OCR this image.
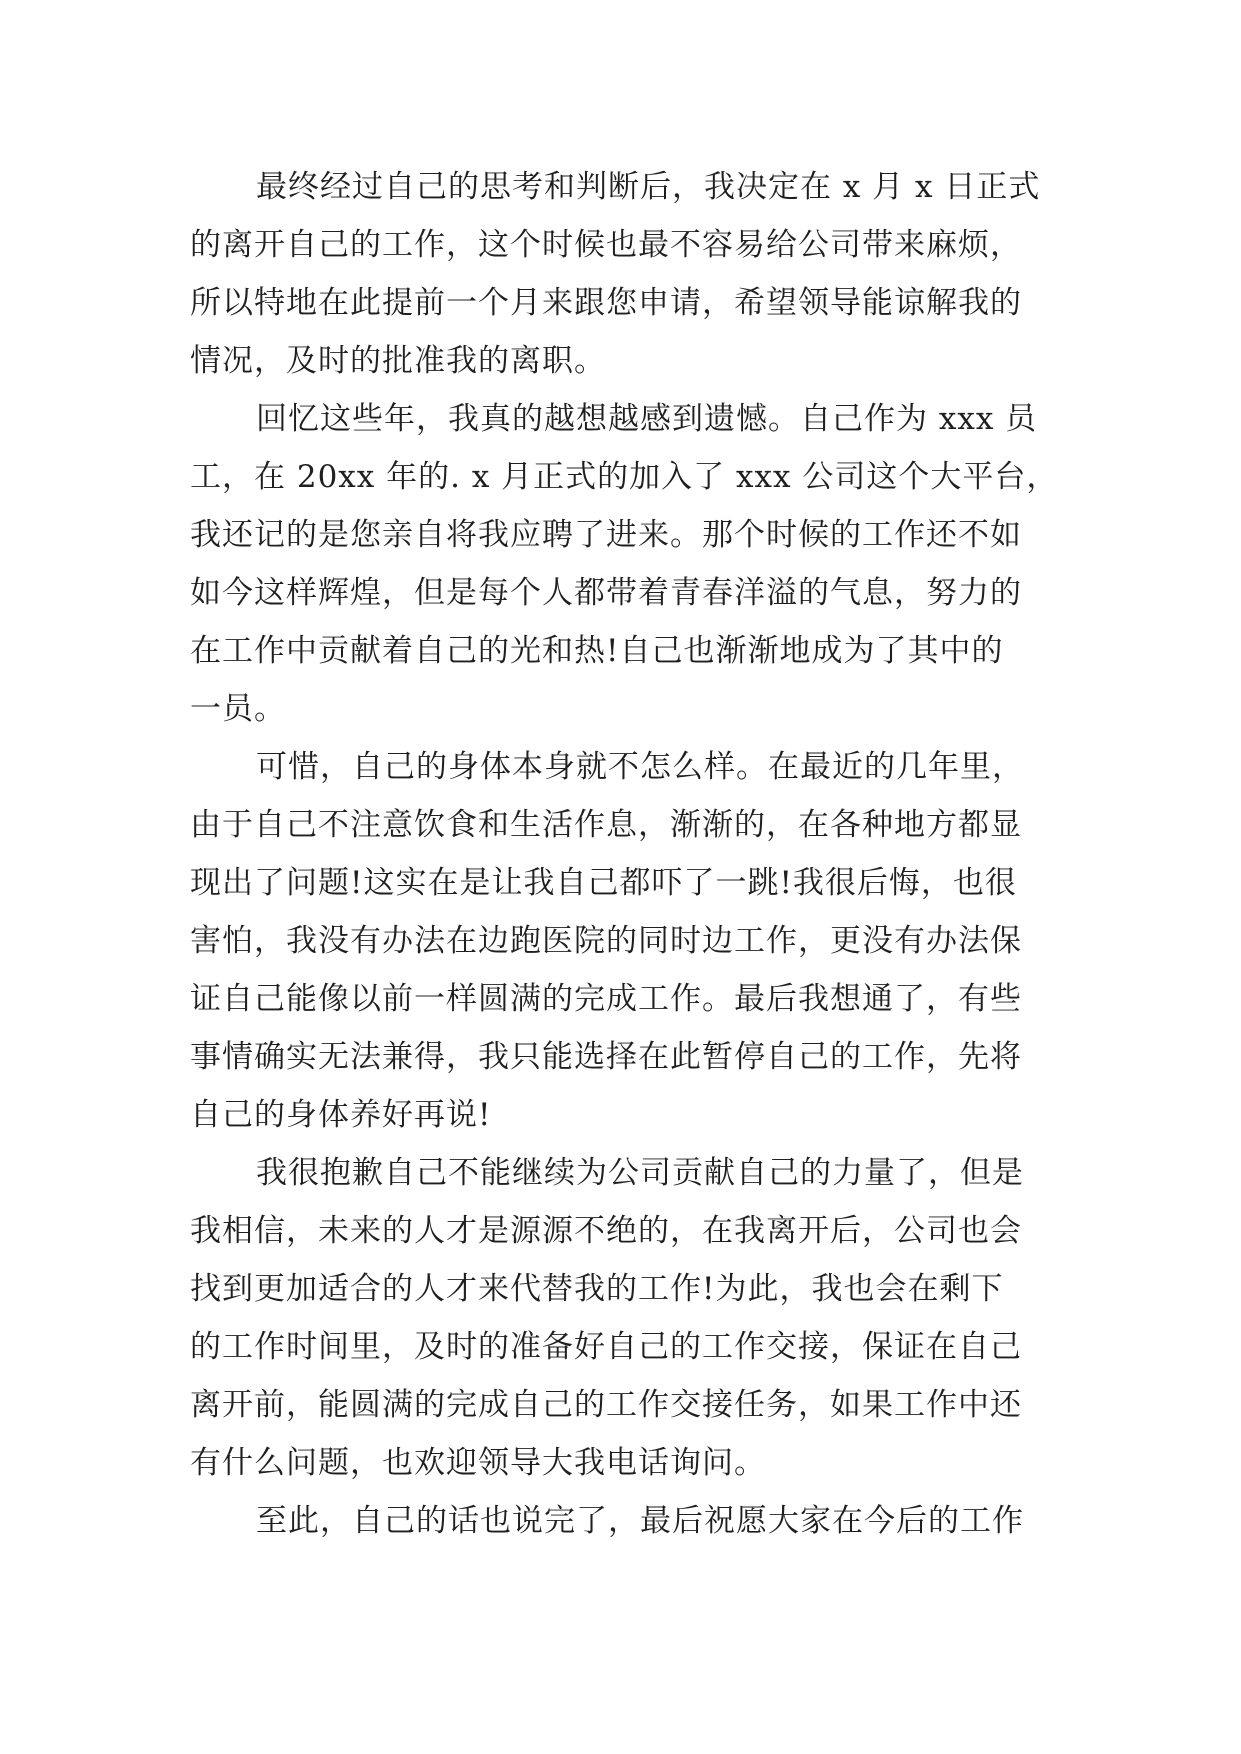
最终经过自己的思考和判断后，我决定在 x 月 x 日正式
的离开自己的工作，这个时候也最不容易给公司带来麻烦，
所以特地在此提前一个月来跟您申请，希望领导能谅解我的
情况，及时的批准我的离职。
回忆这些年，我真的越想越感到遗憾。自己作为 xxx 员
工，在 20xx 年的. x 月正式的加入了 xxx 公司这个大平台，
我还记的是您亲自将我应聘了进来。那个时候的工作还不如
如今这样辉煌，但是每个人都带着青春洋溢的气息，努力的
在工作中贡献着自己的光和热!自己也渐渐地成为了其中的
一员。
可惜，自己的身体本身就不怎么样。在最近的几年里，
由于自己不注意饮食和生活作息，渐渐的，在各种地方都显
现出了问题!这实在是让我自己都吓了一跳!我很后悔，也很
害怕，我没有办法在边跑医院的同时边工作，更没有办法保
证自己能像以前一样圆满的完成工作。最后我想通了，有些
事情确实无法兼得，我只能选择在此暂停自己的工作，先将
自己的身体养好再说!
我很抱歉自己不能继续为公司贡献自己的力量了，但是
我相信，未来的人才是源源不绝的，在我离开后，公司也会
找到更加适合的人才来代替我的工作!为此，我也会在剩下
的工作时间里，及时的准备好自己的工作交接，保证在自己
离开前，能圆满的完成自己的工作交接任务，如果工作中还
有什么问题，也欢迎领导大我电话询问。
至此，自己的话也说完了，最后祝愿大家在今后的工作
